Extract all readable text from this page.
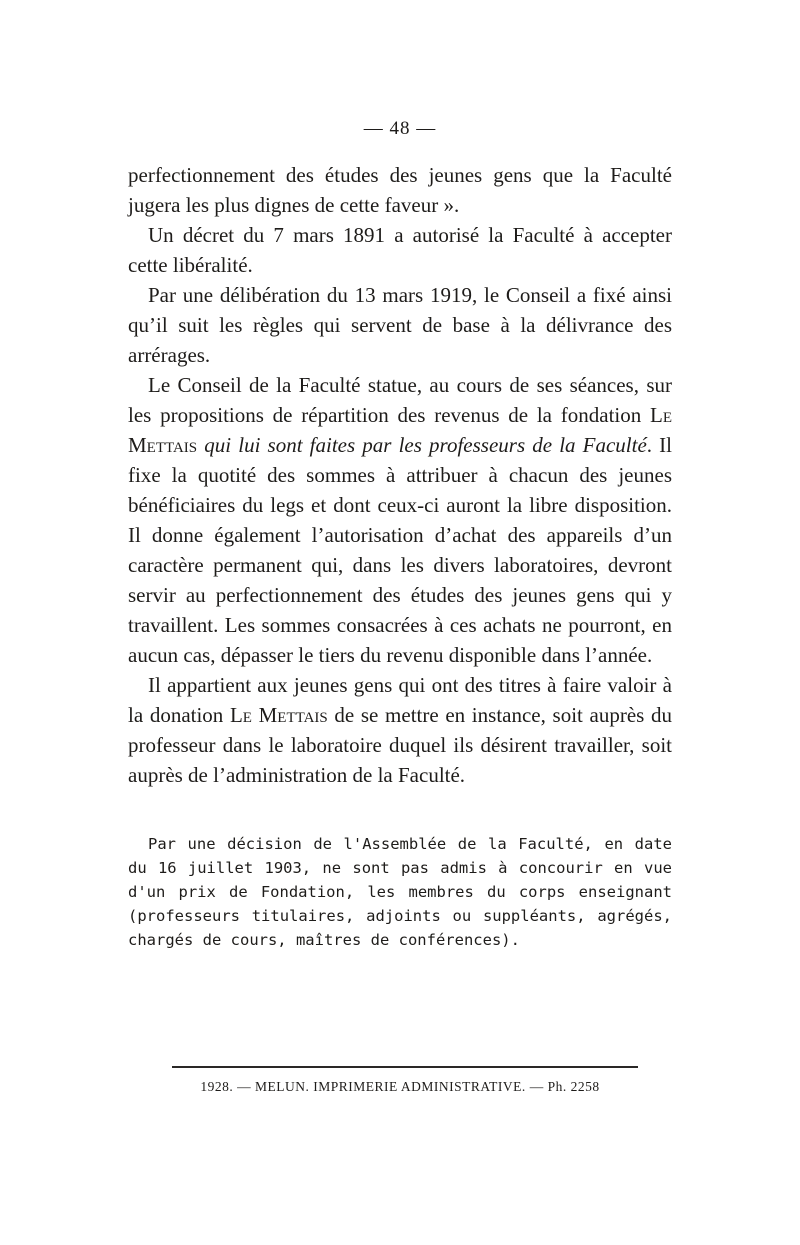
— 48 —

perfectionnement des études des jeunes gens que la Faculté jugera les plus dignes de cette faveur ».

Un décret du 7 mars 1891 a autorisé la Faculté à accepter cette libéralité.

Par une délibération du 13 mars 1919, le Conseil a fixé ainsi qu’il suit les règles qui servent de base à la délivrance des arrérages.

Le Conseil de la Faculté statue, au cours de ses séances, sur les propositions de répartition des revenus de la fondation Le Mettais qui lui sont faites par les professeurs de la Faculté. Il fixe la quotité des sommes à attribuer à chacun des jeunes bénéficiaires du legs et dont ceux-ci auront la libre disposition. Il donne également l’autorisation d’achat des appareils d’un caractère permanent qui, dans les divers laboratoires, devront servir au perfectionnement des études des jeunes gens qui y travaillent. Les sommes consacrées à ces achats ne pourront, en aucun cas, dépasser le tiers du revenu disponible dans l’année.

Il appartient aux jeunes gens qui ont des titres à faire valoir à la donation Le Mettais de se mettre en instance, soit auprès du professeur dans le laboratoire duquel ils désirent travailler, soit auprès de l’administration de la Faculté.

Par une décision de l'Assemblée de la Faculté, en date du 16 juillet 1903, ne sont pas admis à concourir en vue d'un prix de Fondation, les membres du corps enseignant (professeurs titulaires, adjoints ou suppléants, agrégés, chargés de cours, maîtres de conférences).

1928. — MELUN. IMPRIMERIE ADMINISTRATIVE. — Ph. 2258
